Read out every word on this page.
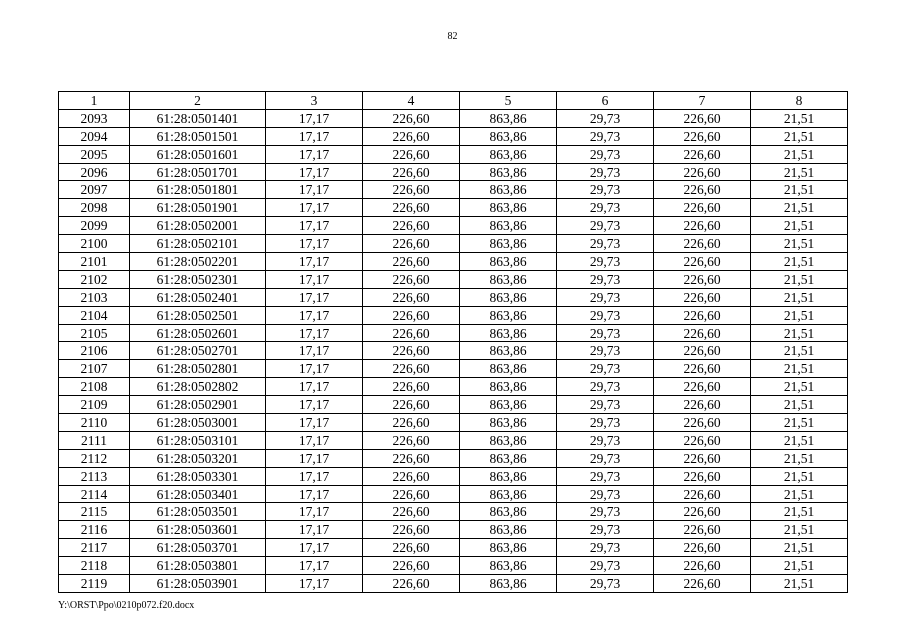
82
1	2	3	4	5	6	7	8
2093	61:28:0501401	17,17	226,60	863,86	29,73	226,60	21,51
2094	61:28:0501501	17,17	226,60	863,86	29,73	226,60	21,51
2095	61:28:0501601	17,17	226,60	863,86	29,73	226,60	21,51
2096	61:28:0501701	17,17	226,60	863,86	29,73	226,60	21,51
2097	61:28:0501801	17,17	226,60	863,86	29,73	226,60	21,51
2098	61:28:0501901	17,17	226,60	863,86	29,73	226,60	21,51
2099	61:28:0502001	17,17	226,60	863,86	29,73	226,60	21,51
2100	61:28:0502101	17,17	226,60	863,86	29,73	226,60	21,51
2101	61:28:0502201	17,17	226,60	863,86	29,73	226,60	21,51
2102	61:28:0502301	17,17	226,60	863,86	29,73	226,60	21,51
2103	61:28:0502401	17,17	226,60	863,86	29,73	226,60	21,51
2104	61:28:0502501	17,17	226,60	863,86	29,73	226,60	21,51
2105	61:28:0502601	17,17	226,60	863,86	29,73	226,60	21,51
2106	61:28:0502701	17,17	226,60	863,86	29,73	226,60	21,51
2107	61:28:0502801	17,17	226,60	863,86	29,73	226,60	21,51
2108	61:28:0502802	17,17	226,60	863,86	29,73	226,60	21,51
2109	61:28:0502901	17,17	226,60	863,86	29,73	226,60	21,51
2110	61:28:0503001	17,17	226,60	863,86	29,73	226,60	21,51
2111	61:28:0503101	17,17	226,60	863,86	29,73	226,60	21,51
2112	61:28:0503201	17,17	226,60	863,86	29,73	226,60	21,51
2113	61:28:0503301	17,17	226,60	863,86	29,73	226,60	21,51
2114	61:28:0503401	17,17	226,60	863,86	29,73	226,60	21,51
2115	61:28:0503501	17,17	226,60	863,86	29,73	226,60	21,51
2116	61:28:0503601	17,17	226,60	863,86	29,73	226,60	21,51
2117	61:28:0503701	17,17	226,60	863,86	29,73	226,60	21,51
2118	61:28:0503801	17,17	226,60	863,86	29,73	226,60	21,51
2119	61:28:0503901	17,17	226,60	863,86	29,73	226,60	21,51
Y:\ORST\Ppo\0210p072.f20.docx
